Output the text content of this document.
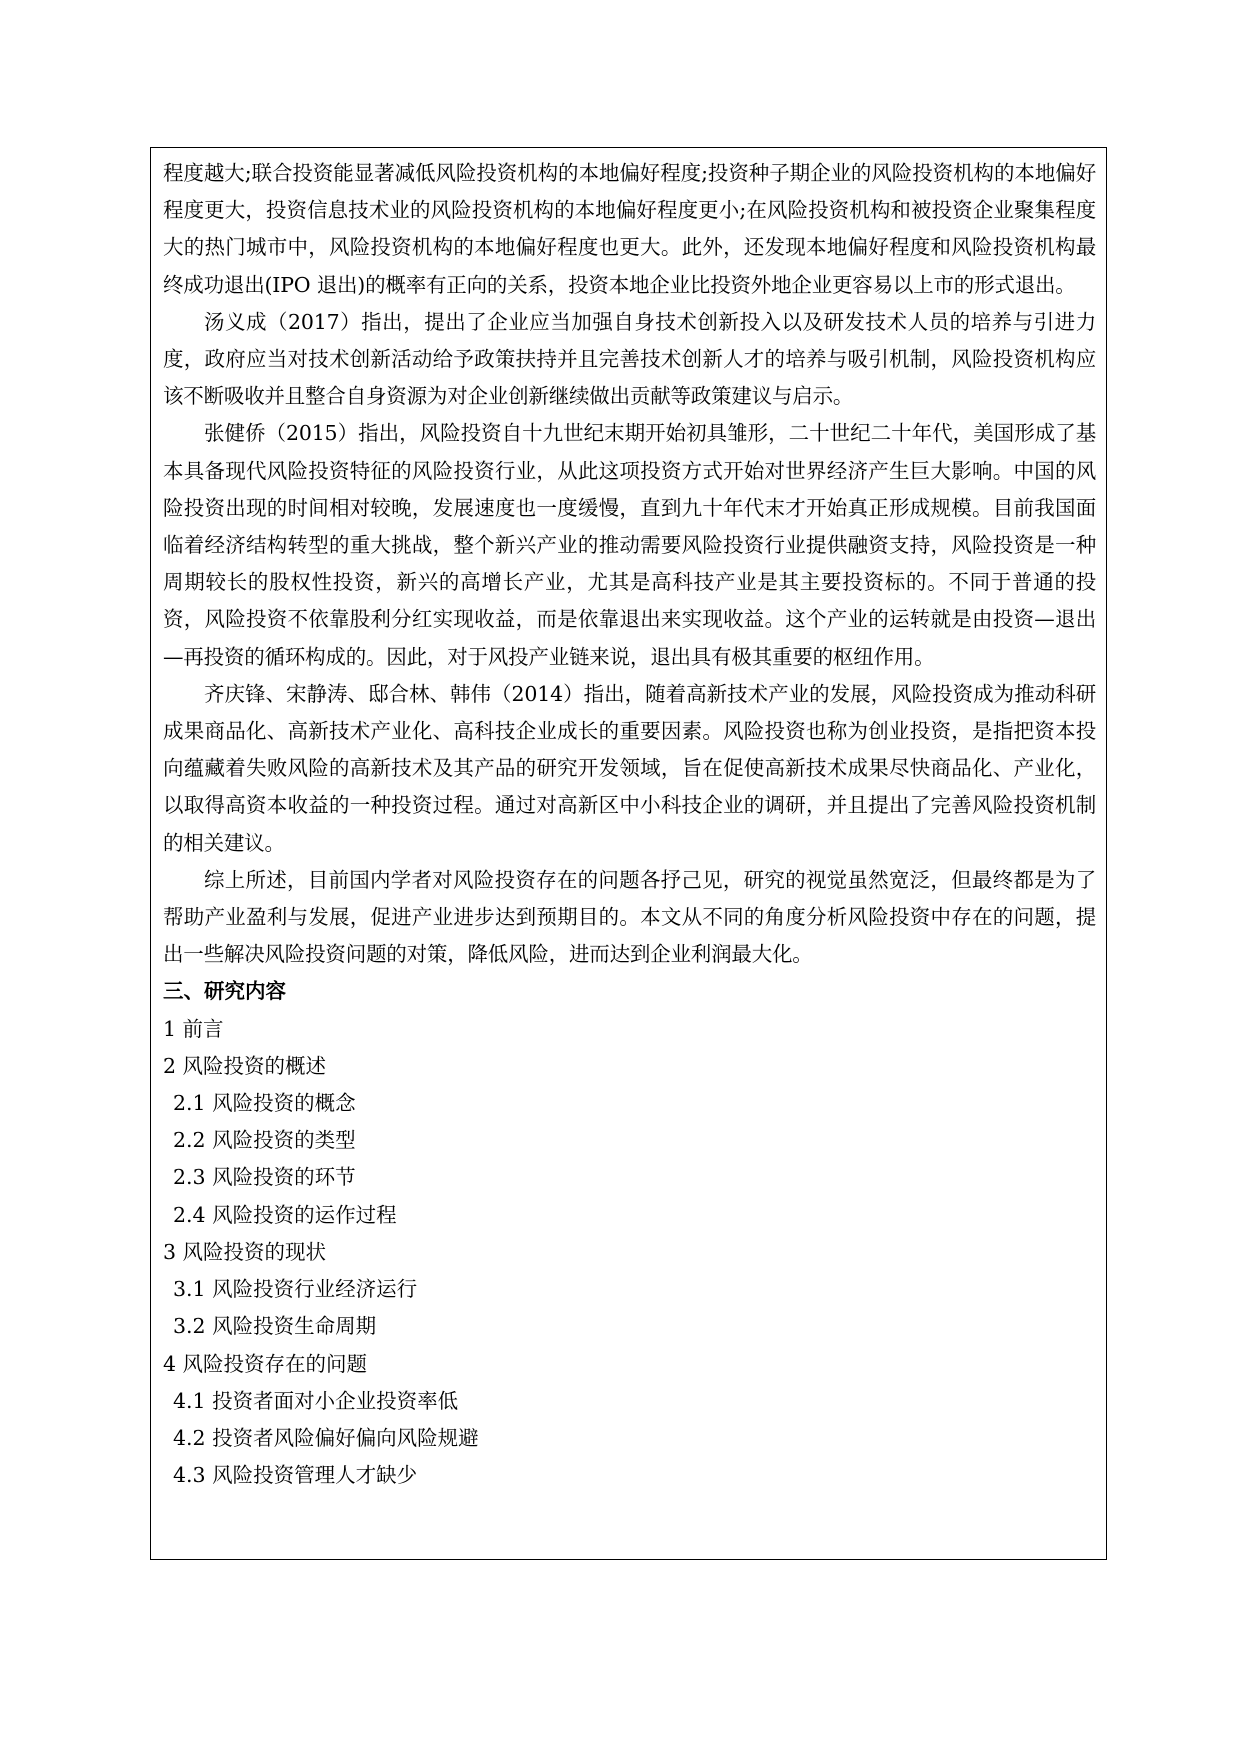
程度越大;联合投资能显著减低风险投资机构的本地偏好程度;投资种子期企业的风险投资机构的本地偏好程度更大，投资信息技术业的风险投资机构的本地偏好程度更小;在风险投资机构和被投资企业聚集程度大的热门城市中，风险投资机构的本地偏好程度也更大。此外，还发现本地偏好程度和风险投资机构最终成功退出(IPO 退出)的概率有正向的关系，投资本地企业比投资外地企业更容易以上市的形式退出。

汤义成（2017）指出，提出了企业应当加强自身技术创新投入以及研发技术人员的培养与引进力度，政府应当对技术创新活动给予政策扶持并且完善技术创新人才的培养与吸引机制，风险投资机构应该不断吸收并且整合自身资源为对企业创新继续做出贡献等政策建议与启示。

张健侨（2015）指出，风险投资自十九世纪末期开始初具雏形，二十世纪二十年代，美国形成了基本具备现代风险投资特征的风险投资行业，从此这项投资方式开始对世界经济产生巨大影响。中国的风险投资出现的时间相对较晚，发展速度也一度缓慢，直到九十年代末才开始真正形成规模。目前我国面临着经济结构转型的重大挑战，整个新兴产业的推动需要风险投资行业提供融资支持，风险投资是一种周期较长的股权性投资，新兴的高增长产业，尤其是高科技产业是其主要投资标的。不同于普通的投资，风险投资不依靠股利分红实现收益，而是依靠退出来实现收益。这个产业的运转就是由投资—退出—再投资的循环构成的。因此，对于风投产业链来说，退出具有极其重要的枢纽作用。

齐庆锋、宋静涛、邸合林、韩伟（2014）指出，随着高新技术产业的发展，风险投资成为推动科研成果商品化、高新技术产业化、高科技企业成长的重要因素。风险投资也称为创业投资，是指把资本投向蕴藏着失败风险的高新技术及其产品的研究开发领域，旨在促使高新技术成果尽快商品化、产业化，以取得高资本收益的一种投资过程。通过对高新区中小科技企业的调研，并且提出了完善风险投资机制的相关建议。

综上所述，目前国内学者对风险投资存在的问题各抒己见，研究的视觉虽然宽泛，但最终都是为了帮助产业盈利与发展，促进产业进步达到预期目的。本文从不同的角度分析风险投资中存在的问题，提出一些解决风险投资问题的对策，降低风险，进而达到企业利润最大化。

三、研究内容

1 前言

2 风险投资的概述

2.1 风险投资的概念

2.2 风险投资的类型

2.3 风险投资的环节

2.4 风险投资的运作过程

3 风险投资的现状

3.1 风险投资行业经济运行

3.2 风险投资生命周期

4 风险投资存在的问题

4.1 投资者面对小企业投资率低

4.2 投资者风险偏好偏向风险规避

4.3 风险投资管理人才缺少
